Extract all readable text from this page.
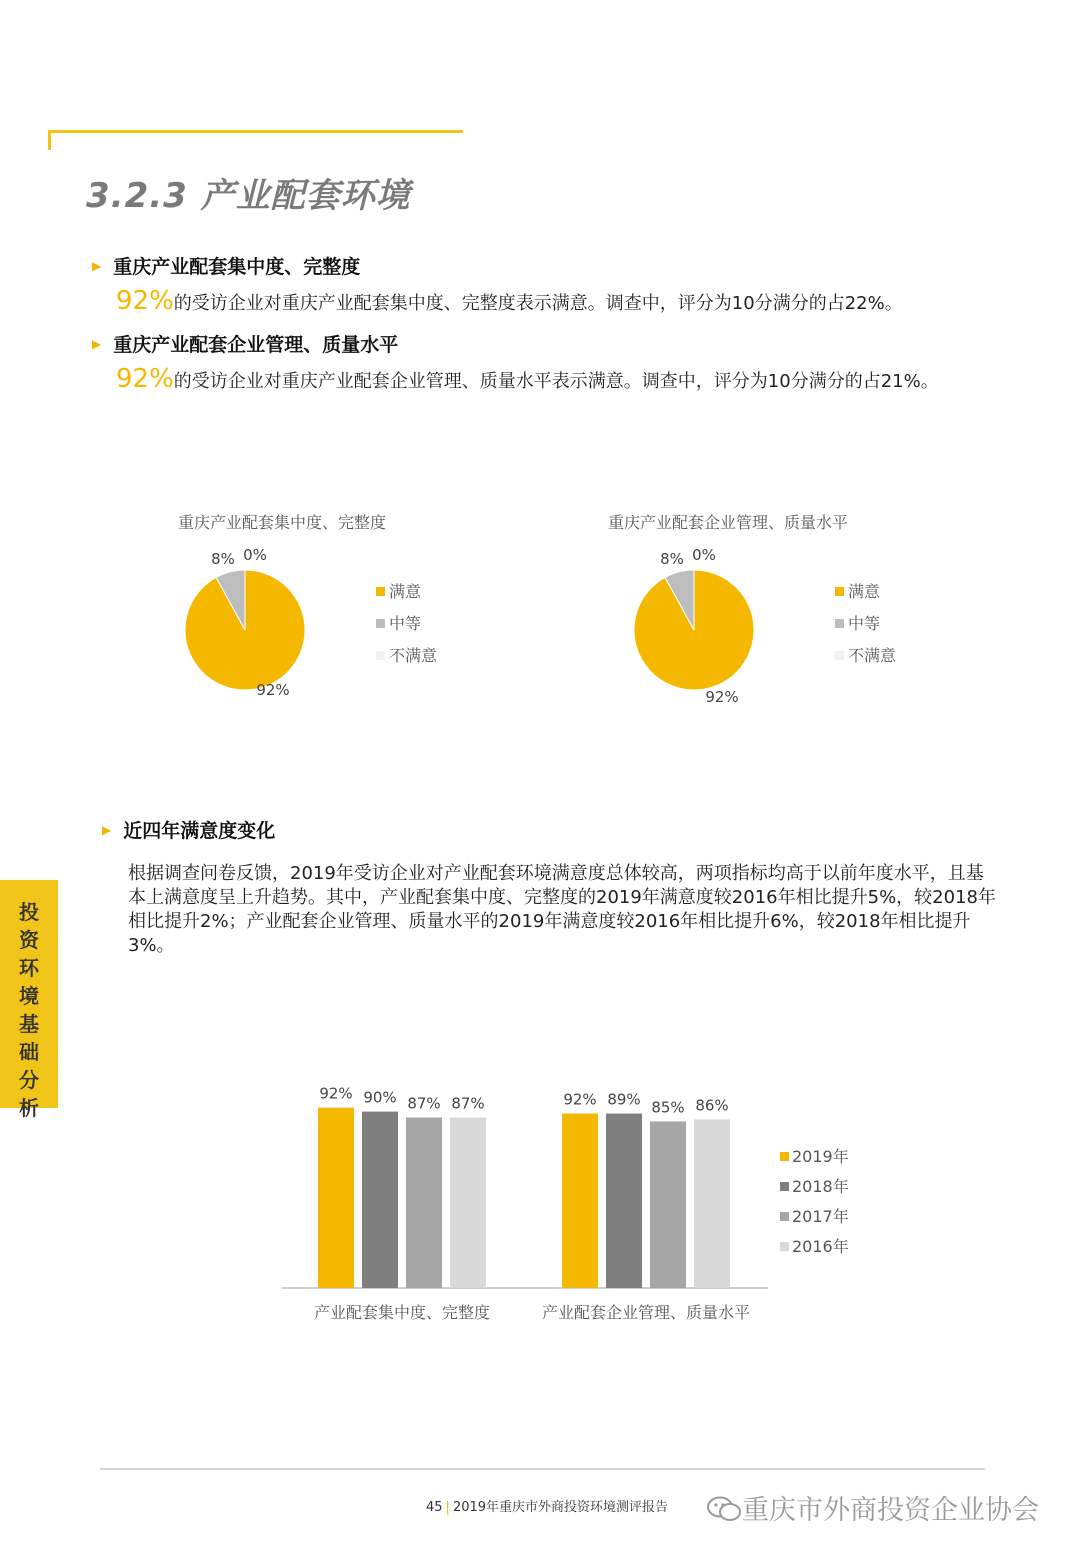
3.2.3 产业配套环境
▶ 重庆产业配套集中度、完整度
92%的受访企业对重庆产业配套集中度、完整度表示满意。调查中，评分为10分满分的占22%。
▶ 重庆产业配套企业管理、质量水平
92%的受访企业对重庆产业配套企业管理、质量水平表示满意。调查中，评分为10分满分的占21%。
重庆产业配套集中度、完整度
92%
8% 0%
满意
中等
不满意
重庆产业配套企业管理、质量水平
92%
8% 0%
满意
中等
不满意
▶ 近四年满意度变化
根据调查问卷反馈，2019年受访企业对产业配套环境满意度总体较高，两项指标均高于以前年度水平，且基本上满意度呈上升趋势。其中，产业配套集中度、完整度的2019年满意度较2016年相比提升5%，较2018年相比提升2%；产业配套企业管理、质量水平的2019年满意度较2016年相比提升6%，较2018年相比提升3%。
投
资
环
境
基
础
分
析
92% 90% 87% 87%
产业配套集中度、完整度
92% 89% 85% 86%
产业配套企业管理、质量水平
2019年
2018年
2017年
2016年
45 | 2019年重庆市外商投资环境测评报告	重庆市外商投资企业协会
